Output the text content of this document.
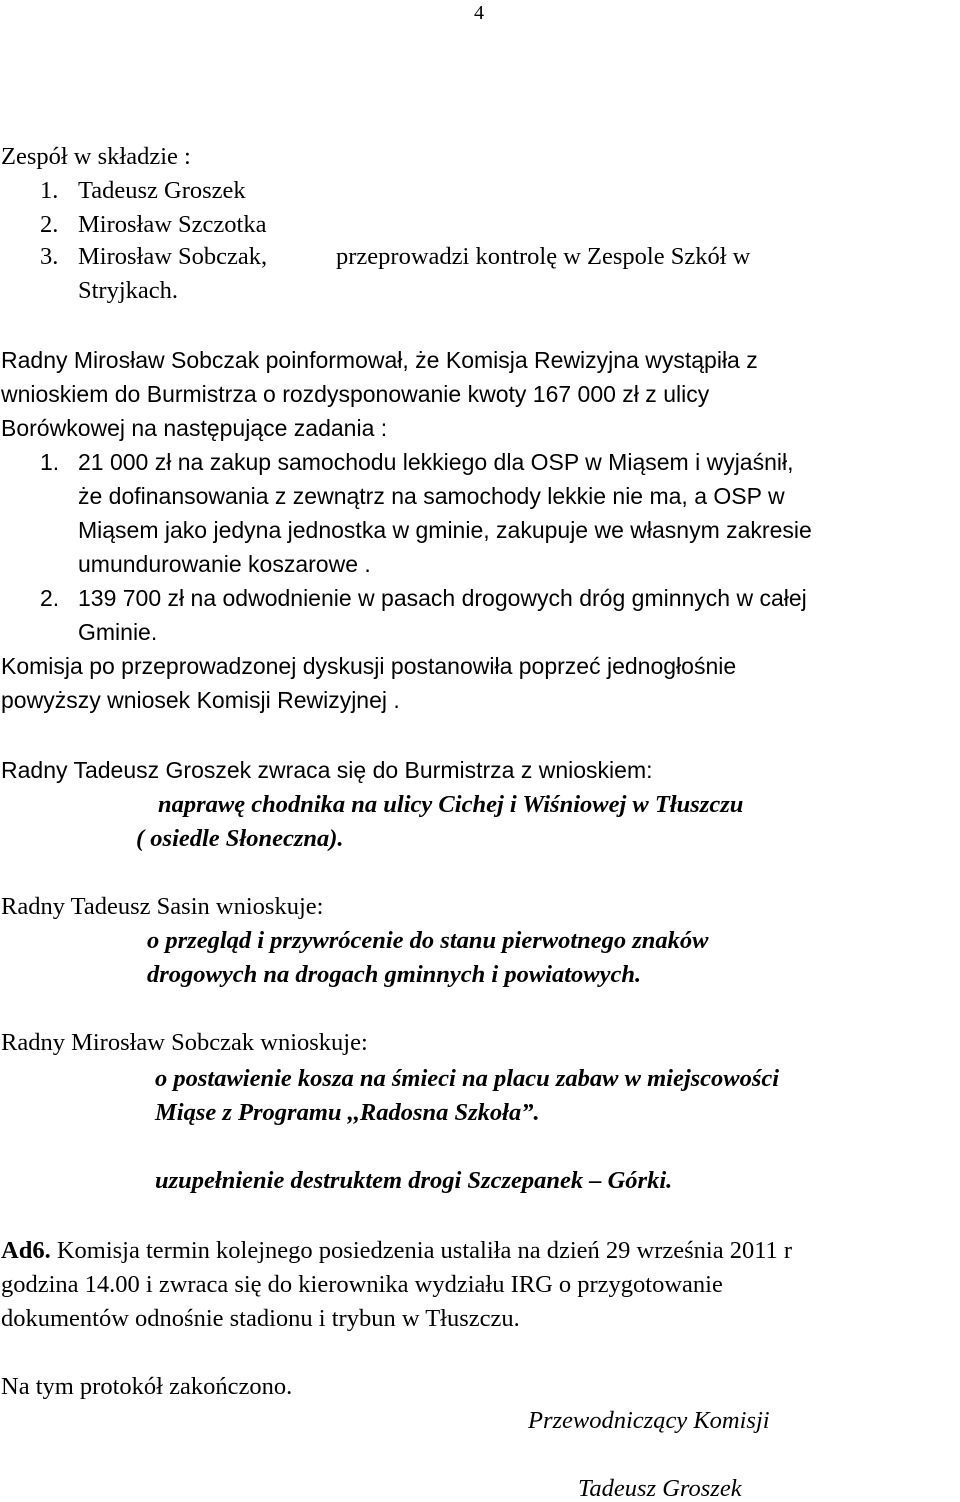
4
Zespół w składzie :
1. Tadeusz Groszek
2. Mirosław Szczotka
3. Mirosław Sobczak,	przeprowadzi kontrolę w Zespole Szkół w
Stryjkach.
Radny Mirosław Sobczak poinformował, że Komisja Rewizyjna wystąpiła z
wnioskiem do Burmistrza o rozdysponowanie kwoty 167 000 zł z ulicy
Borówkowej na następujące zadania :
1. 21 000 zł na zakup samochodu lekkiego dla OSP w Miąsem i wyjaśnił,
że dofinansowania z zewnątrz na samochody lekkie nie ma, a OSP w
Miąsem jako jedyna jednostka w gminie, zakupuje we własnym zakresie
umundurowanie koszarowe .
2. 139 700 zł na odwodnienie w pasach drogowych dróg gminnych w całej
Gminie.
Komisja po przeprowadzonej dyskusji postanowiła poprzeć jednogłośnie
powyższy wniosek Komisji Rewizyjnej .
Radny Tadeusz Groszek zwraca się do Burmistrza z wnioskiem:
naprawę chodnika na ulicy Cichej i Wiśniowej w Tłuszczu
( osiedle Słoneczna).
Radny Tadeusz Sasin wnioskuje:
o przegląd i przywrócenie do stanu pierwotnego znaków
drogowych na drogach gminnych i powiatowych.
Radny Mirosław Sobczak wnioskuje:
o postawienie kosza na śmieci na placu zabaw w miejscowości
Miąse z Programu ,,Radosna Szkoła”.
uzupełnienie destruktem drogi Szczepanek – Górki.
Ad6. Komisja termin kolejnego posiedzenia ustaliła na dzień 29 września 2011 r
godzina 14.00 i zwraca się do kierownika wydziału IRG o przygotowanie
dokumentów odnośnie stadionu i trybun w Tłuszczu.
Na tym protokół zakończono.
Przewodniczący Komisji
Tadeusz Groszek
